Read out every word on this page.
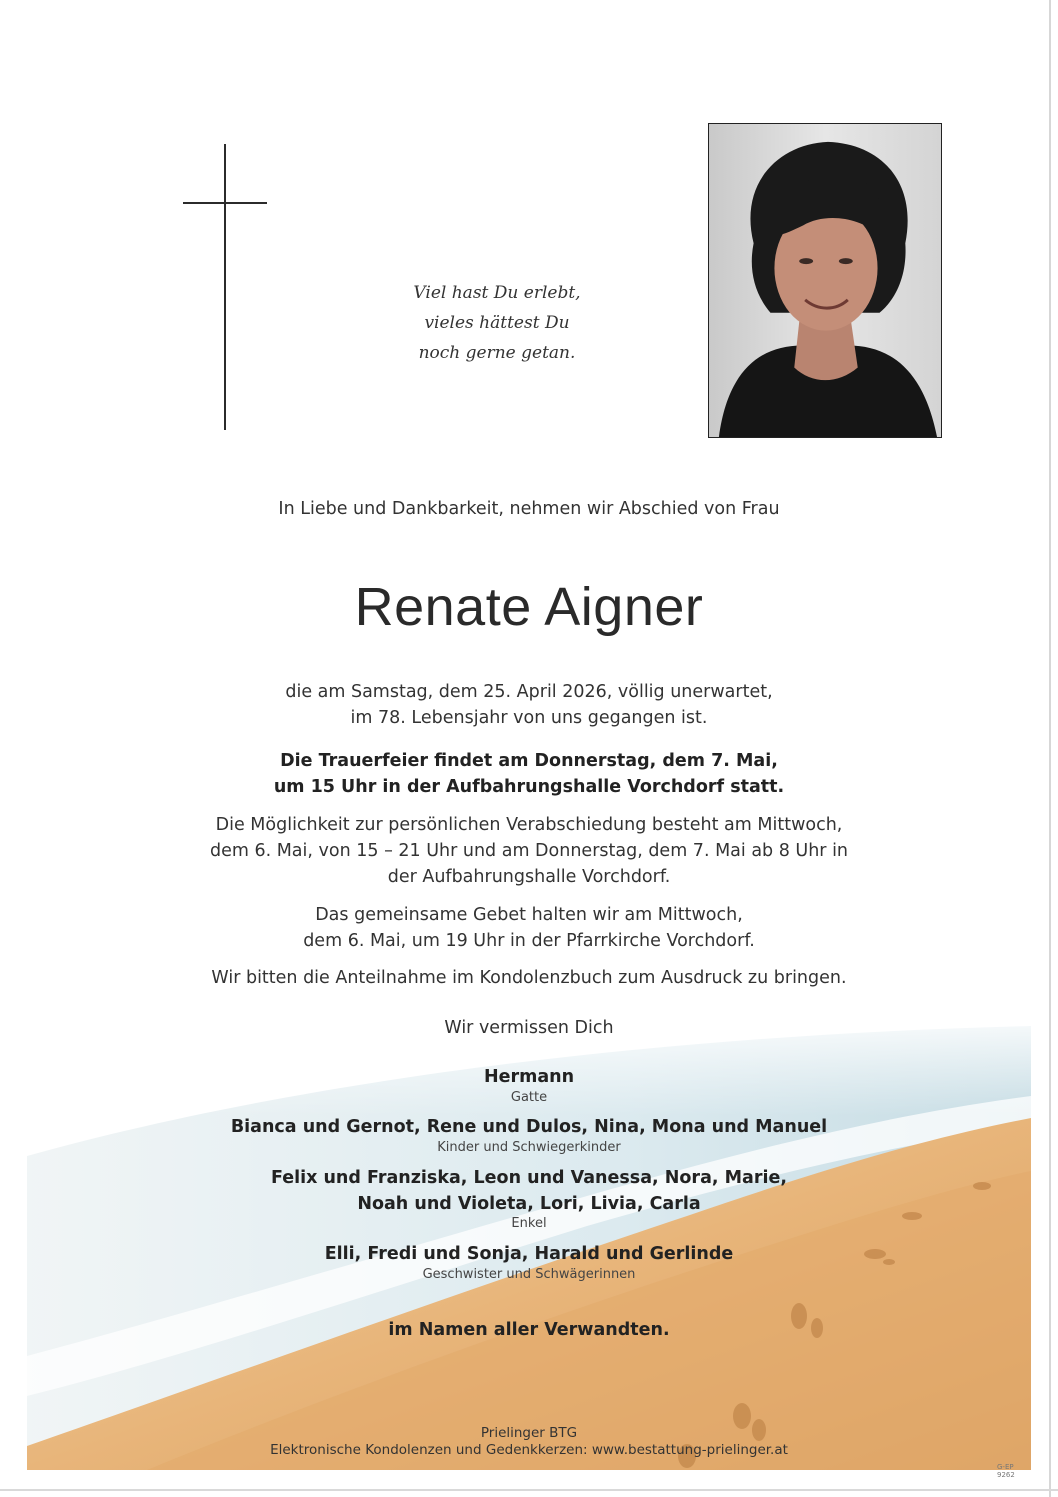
Viel hast Du erlebt,
vieles hättest Du
noch gerne getan.
In Liebe und Dankbarkeit, nehmen wir Abschied von Frau
Renate Aigner
die am Samstag, dem 25. April 2026, völlig unerwartet,
im 78. Lebensjahr von uns gegangen ist.
Die Trauerfeier findet am Donnerstag, dem 7. Mai,
um 15 Uhr in der Aufbahrungshalle Vorchdorf statt.
Die Möglichkeit zur persönlichen Verabschiedung besteht am Mittwoch,
dem 6. Mai, von 15 – 21 Uhr und am Donnerstag, dem 7. Mai ab 8 Uhr in
der Aufbahrungshalle Vorchdorf.
Das gemeinsame Gebet halten wir am Mittwoch,
dem 6. Mai, um 19 Uhr in der Pfarrkirche Vorchdorf.
Wir bitten die Anteilnahme im Kondolenzbuch zum Ausdruck zu bringen.
Wir vermissen Dich
Hermann
Gatte
Bianca und Gernot, Rene und Dulos, Nina, Mona und Manuel
Kinder und Schwiegerkinder
Felix und Franziska, Leon und Vanessa, Nora, Marie,
Noah und Violeta, Lori, Livia, Carla
Enkel
Elli, Fredi und Sonja, Harald und Gerlinde
Geschwister und Schwägerinnen
im Namen aller Verwandten.
Prielinger BTG
Elektronische Kondolenzen und Gedenkkerzen: www.bestattung-prielinger.at
G-EP 9262
